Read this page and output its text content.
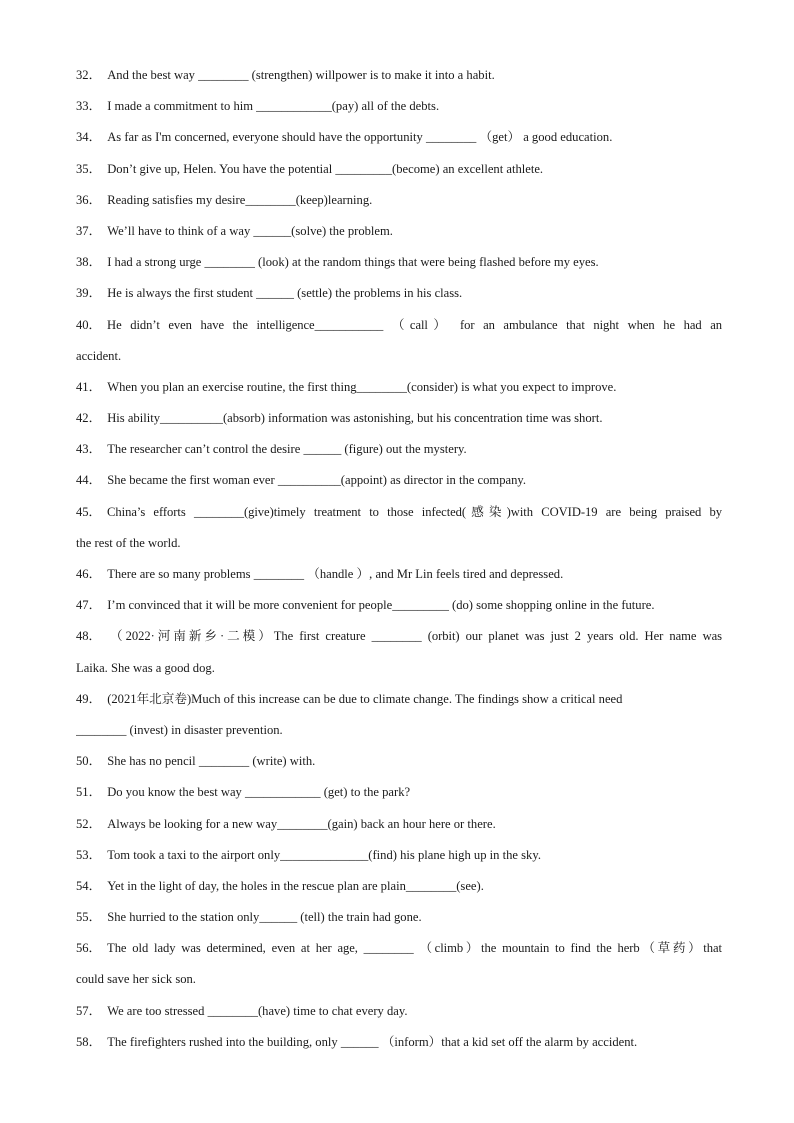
32． And the best way ________ (strengthen) willpower is to make it into a habit.
33． I made a commitment to him ____________(pay) all of the debts.
34． As far as I'm concerned, everyone should have the opportunity ________ （get） a good education.
35． Don’t give up, Helen. You have the potential _________(become) an excellent athlete.
36． Reading satisfies my desire________(keep)learning.
37． We’ll have to think of a way ______(solve) the problem.
38． I had a strong urge ________ (look) at the random things that were being flashed before my eyes.
39． He is always the first student ______ (settle) the problems in his class.
40． He didn’t even have the intelligence___________ （call） for an ambulance that night when he had an
accident.
41． When you plan an exercise routine, the first thing________(consider) is what you expect to improve.
42． His ability__________(absorb) information was astonishing, but his concentration time was short.
43． The researcher can’t control the desire ______ (figure) out the mystery.
44． She became the first woman ever __________(appoint) as director in the company.
45． China’s efforts ________(give)timely treatment to those infected(感染)with COVID-19 are being praised by
the rest of the world.
46． There are so many problems ________ （handle ）, and Mr Lin feels tired and depressed.
47． I’m convinced that it will be more convenient for people_________ (do) some shopping online in the future.
48． （2022·河南新乡·二模）The first creature ________ (orbit) our planet was just 2 years old. Her name was
Laika. She was a good dog.
49． (2021年北京卷)Much of this increase can be due to climate change. The findings show a critical need
________ (invest) in disaster prevention.
50． She has no pencil ________ (write) with.
51． Do you know the best way ____________ (get) to the park?
52． Always be looking for a new way________(gain) back an hour here or there.
53． Tom took a taxi to the airport only______________(find) his plane high up in the sky.
54． Yet in the light of day, the holes in the rescue plan are plain________(see).
55． She hurried to the station only______ (tell) the train had gone.
56． The old lady was determined, even at her age, ________ （climb）the mountain to find the herb（草药）that
could save her sick son.
57． We are too stressed ________(have) time to chat every day.
58． The firefighters rushed into the building, only ______ （inform）that a kid set off the alarm by accident.
